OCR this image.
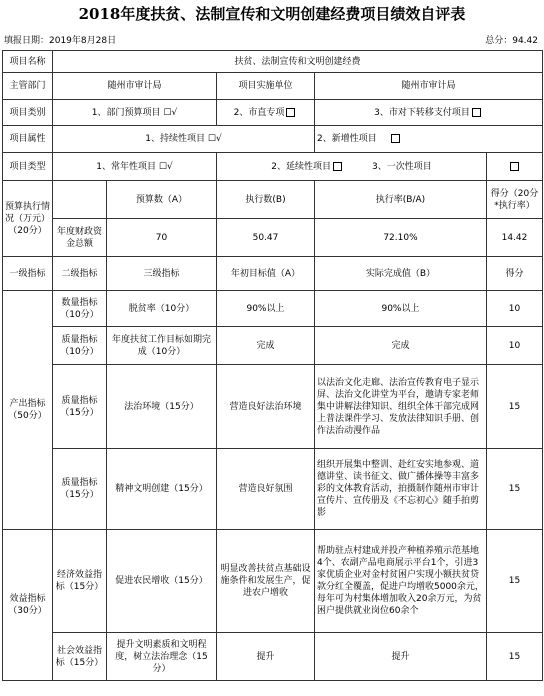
2018年度扶贫、法制宣传和文明创建经费项目绩效自评表
填报日期：2019年8月28日	总分：94.42
项目名称	扶贫、法制宣传和文明创建经费				
主管部门	随州市审计局		项目实施单位	随州市审计局	
项目类别	1、部门预算项目 ☐√		2、市直专项	3、市对下转移支付项目	
项目属性	1、持续性项目 ☐√			2、新增性项目	
项目类型	1、常年性项目 ☐√		2、延续性项目 3、一次性项目		
预算执行情况（万元）（20分）		预算数（A）	执行数(B)	执行率(B/A)	得分（20分*执行率）
	年度财政资金总额	70	50.47	72.10%	14.42
一级指标	二级指标	三级指标	年初目标值（A）	实际完成值（B）	得分
产出指标（50分）	数量指标（10分）	脱贫率（10分）	90%以上	90%以上	10
	质量指标（10分）	年度扶贫工作目标如期完成（10分）	完成	完成	10
	质量指标（15分）	法治环境（15分）	营造良好法治环境	以法治文化走廊、法治宣传教育电子显示屏、法治文化讲堂为平台，邀请专家老师集中讲解法律知识、组织全体干部完成网上普法课件学习、发放法律知识手册、创作法治动漫作品	15
	质量指标（15分）	精神文明创建（15分）	营造良好氛围	组织开展集中整训、赴红安实地参观、道德讲堂、读书征文、做广播体操等丰富多彩的文体教育活动，拍摄制作随州市审计宣传片、宣传册及《不忘初心》随手拍剪影	15
效益指标（30分）	经济效益指标（15分）	促进农民增收（15分）	明显改善扶贫点基础设施条件和发展生产，促进农户增收	帮助驻点村建成并投产种植养殖示范基地4个、农副产品电商展示平台1个，引进3家优质企业对金村贫困户实现小额扶贫贷款分红全覆盖，促进户均增收5000余元，每年可为村集体增加收入20余万元，为贫困户提供就业岗位60余个	15
	社会效益指标（15分）	提升文明素质和文明程度，树立法治理念（15分）	提升	提升	15
